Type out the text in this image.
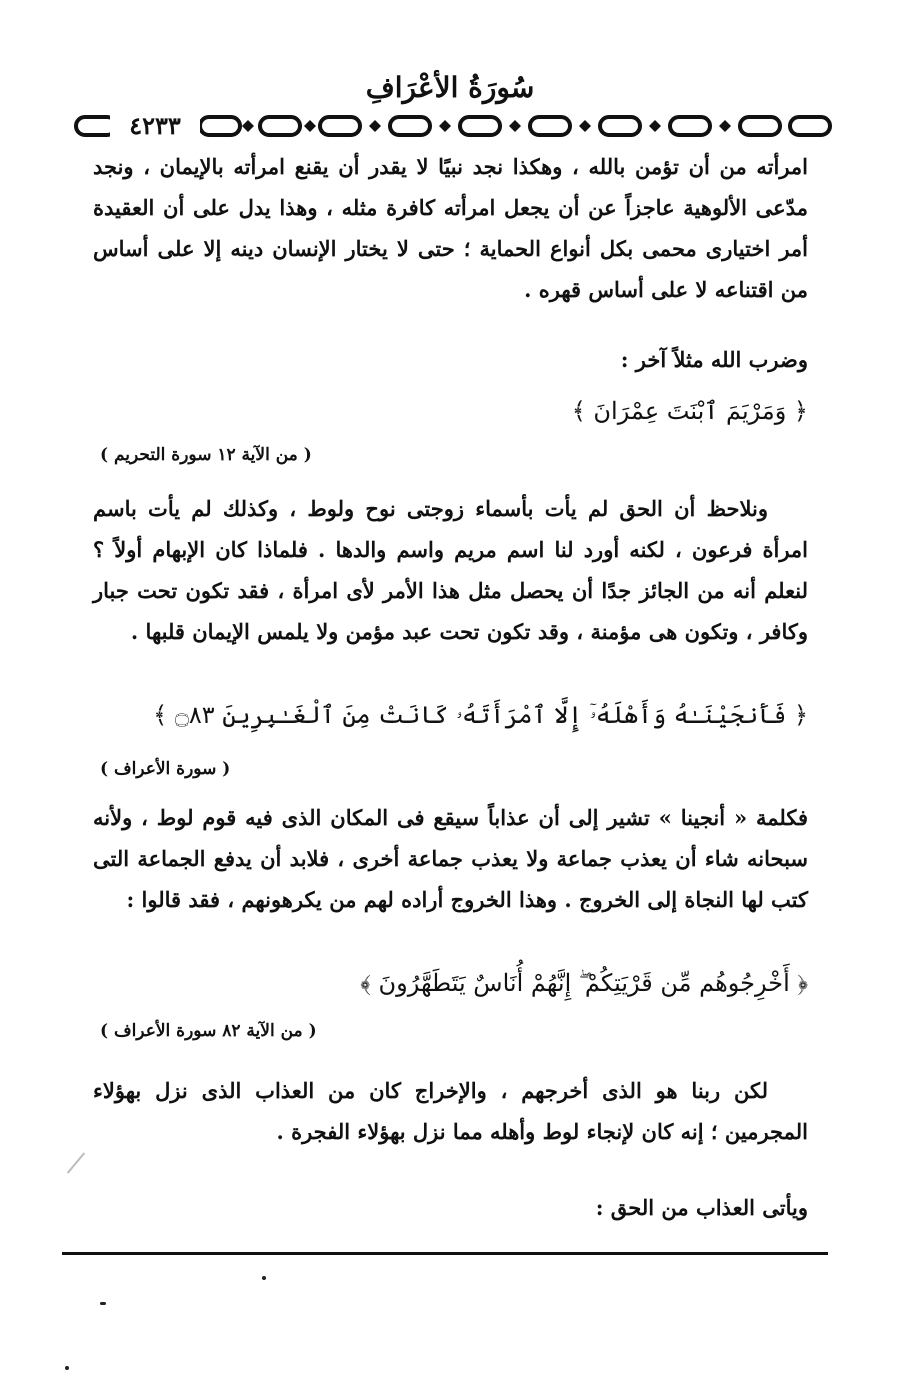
سُورَةُ الأعْرَافِ
٤٢٣٣
امرأته من أن تؤمن بالله ، وهكذا نجد نبيًا لا يقدر أن يقنع امرأته بالإيمان ، ونجد مدّعى الألوهية عاجزاً عن أن يجعل امرأته كافرة مثله ، وهذا يدل على أن العقيدة أمر اختيارى محمى بكل أنواع الحماية ؛ حتى لا يختار الإنسان دينه إلا على أساس من اقتناعه لا على أساس قهره .
وضرب الله مثلاً آخر :
﴿ وَمَرْيَمَ ٱبْنَتَ عِمْرَانَ ﴾
( من الآية ١٢ سورة التحريم )
ونلاحظ أن الحق لم يأت بأسماء زوجتى نوح ولوط ، وكذلك لم يأت باسم امرأة فرعون ، لكنه أورد لنا اسم مريم واسم والدها . فلماذا كان الإبهام أولاً ؟ لنعلم أنه من الجائز جدًا أن يحصل مثل هذا الأمر لأى امرأة ، فقد تكون تحت جبار وكافر ، وتكون هى مؤمنة ، وقد تكون تحت عبد مؤمن ولا يلمس الإيمان قلبها .
﴿ فَأَنجَيْنَـٰهُ وَأَهْلَهُۥٓ إِلَّا ٱمْرَأَتَهُۥ كَانَتْ مِنَ ٱلْغَـٰبِرِينَ ۝٨٣ ﴾
( سورة الأعراف )
فكلمة « أنجينا » تشير إلى أن عذاباً سيقع فى المكان الذى فيه قوم لوط ، ولأنه سبحانه شاء أن يعذب جماعة ولا يعذب جماعة أخرى ، فلابد أن يدفع الجماعة التى كتب لها النجاة إلى الخروج . وهذا الخروج أراده لهم من يكرهونهم ، فقد قالوا :
﴿ أَخْرِجُوهُم مِّن قَرْيَتِكُمْ ۖ إِنَّهُمْ أُنَاسٌ يَتَطَهَّرُونَ ﴾
( من الآية ٨٢ سورة الأعراف )
لكن ربنا هو الذى أخرجهم ، والإخراج كان من العذاب الذى نزل بهؤلاء المجرمين ؛ إنه كان لإنجاء لوط وأهله مما نزل بهؤلاء الفجرة .
ويأتى العذاب من الحق :
